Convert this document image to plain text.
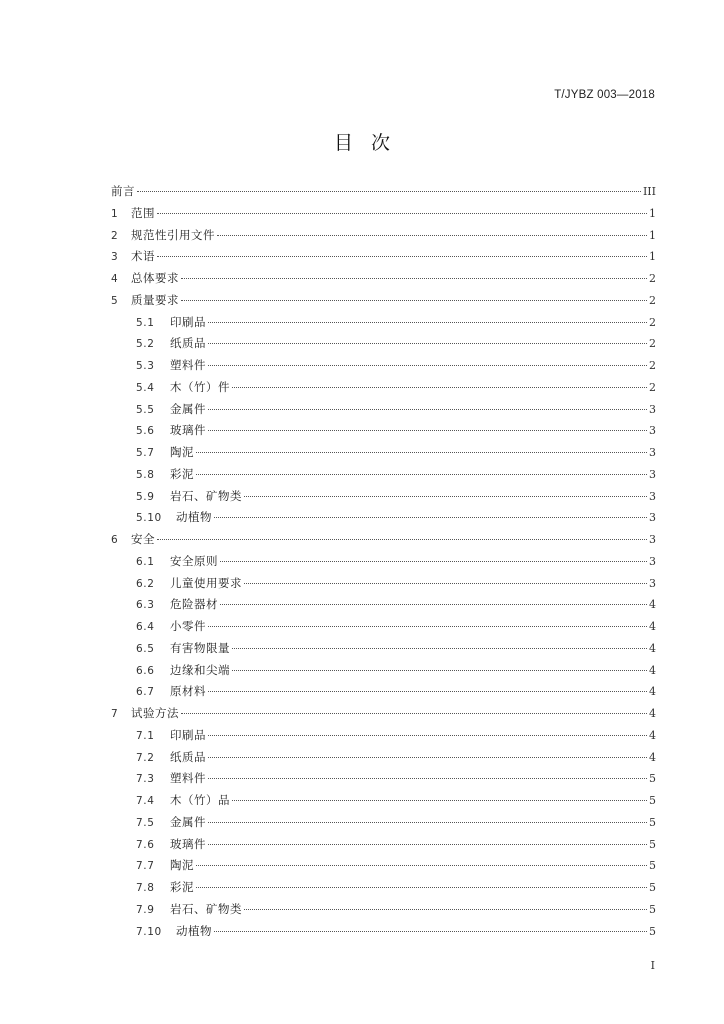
T/JYBZ 003—2018
目次
前言	III
1	范围	1
2	规范性引用文件	1
3	术语	1
4	总体要求	2
5	质量要求	2
5.1	印刷品	2
5.2	纸质品	2
5.3	塑料件	2
5.4	木（竹）件	2
5.5	金属件	3
5.6	玻璃件	3
5.7	陶泥	3
5.8	彩泥	3
5.9	岩石、矿物类	3
5.10	动植物	3
6	安全	3
6.1	安全原则	3
6.2	儿童使用要求	3
6.3	危险器材	4
6.4	小零件	4
6.5	有害物限量	4
6.6	边缘和尖端	4
6.7	原材料	4
7	试验方法	4
7.1	印刷品	4
7.2	纸质品	4
7.3	塑料件	5
7.4	木（竹）品	5
7.5	金属件	5
7.6	玻璃件	5
7.7	陶泥	5
7.8	彩泥	5
7.9	岩石、矿物类	5
7.10	动植物	5
I
